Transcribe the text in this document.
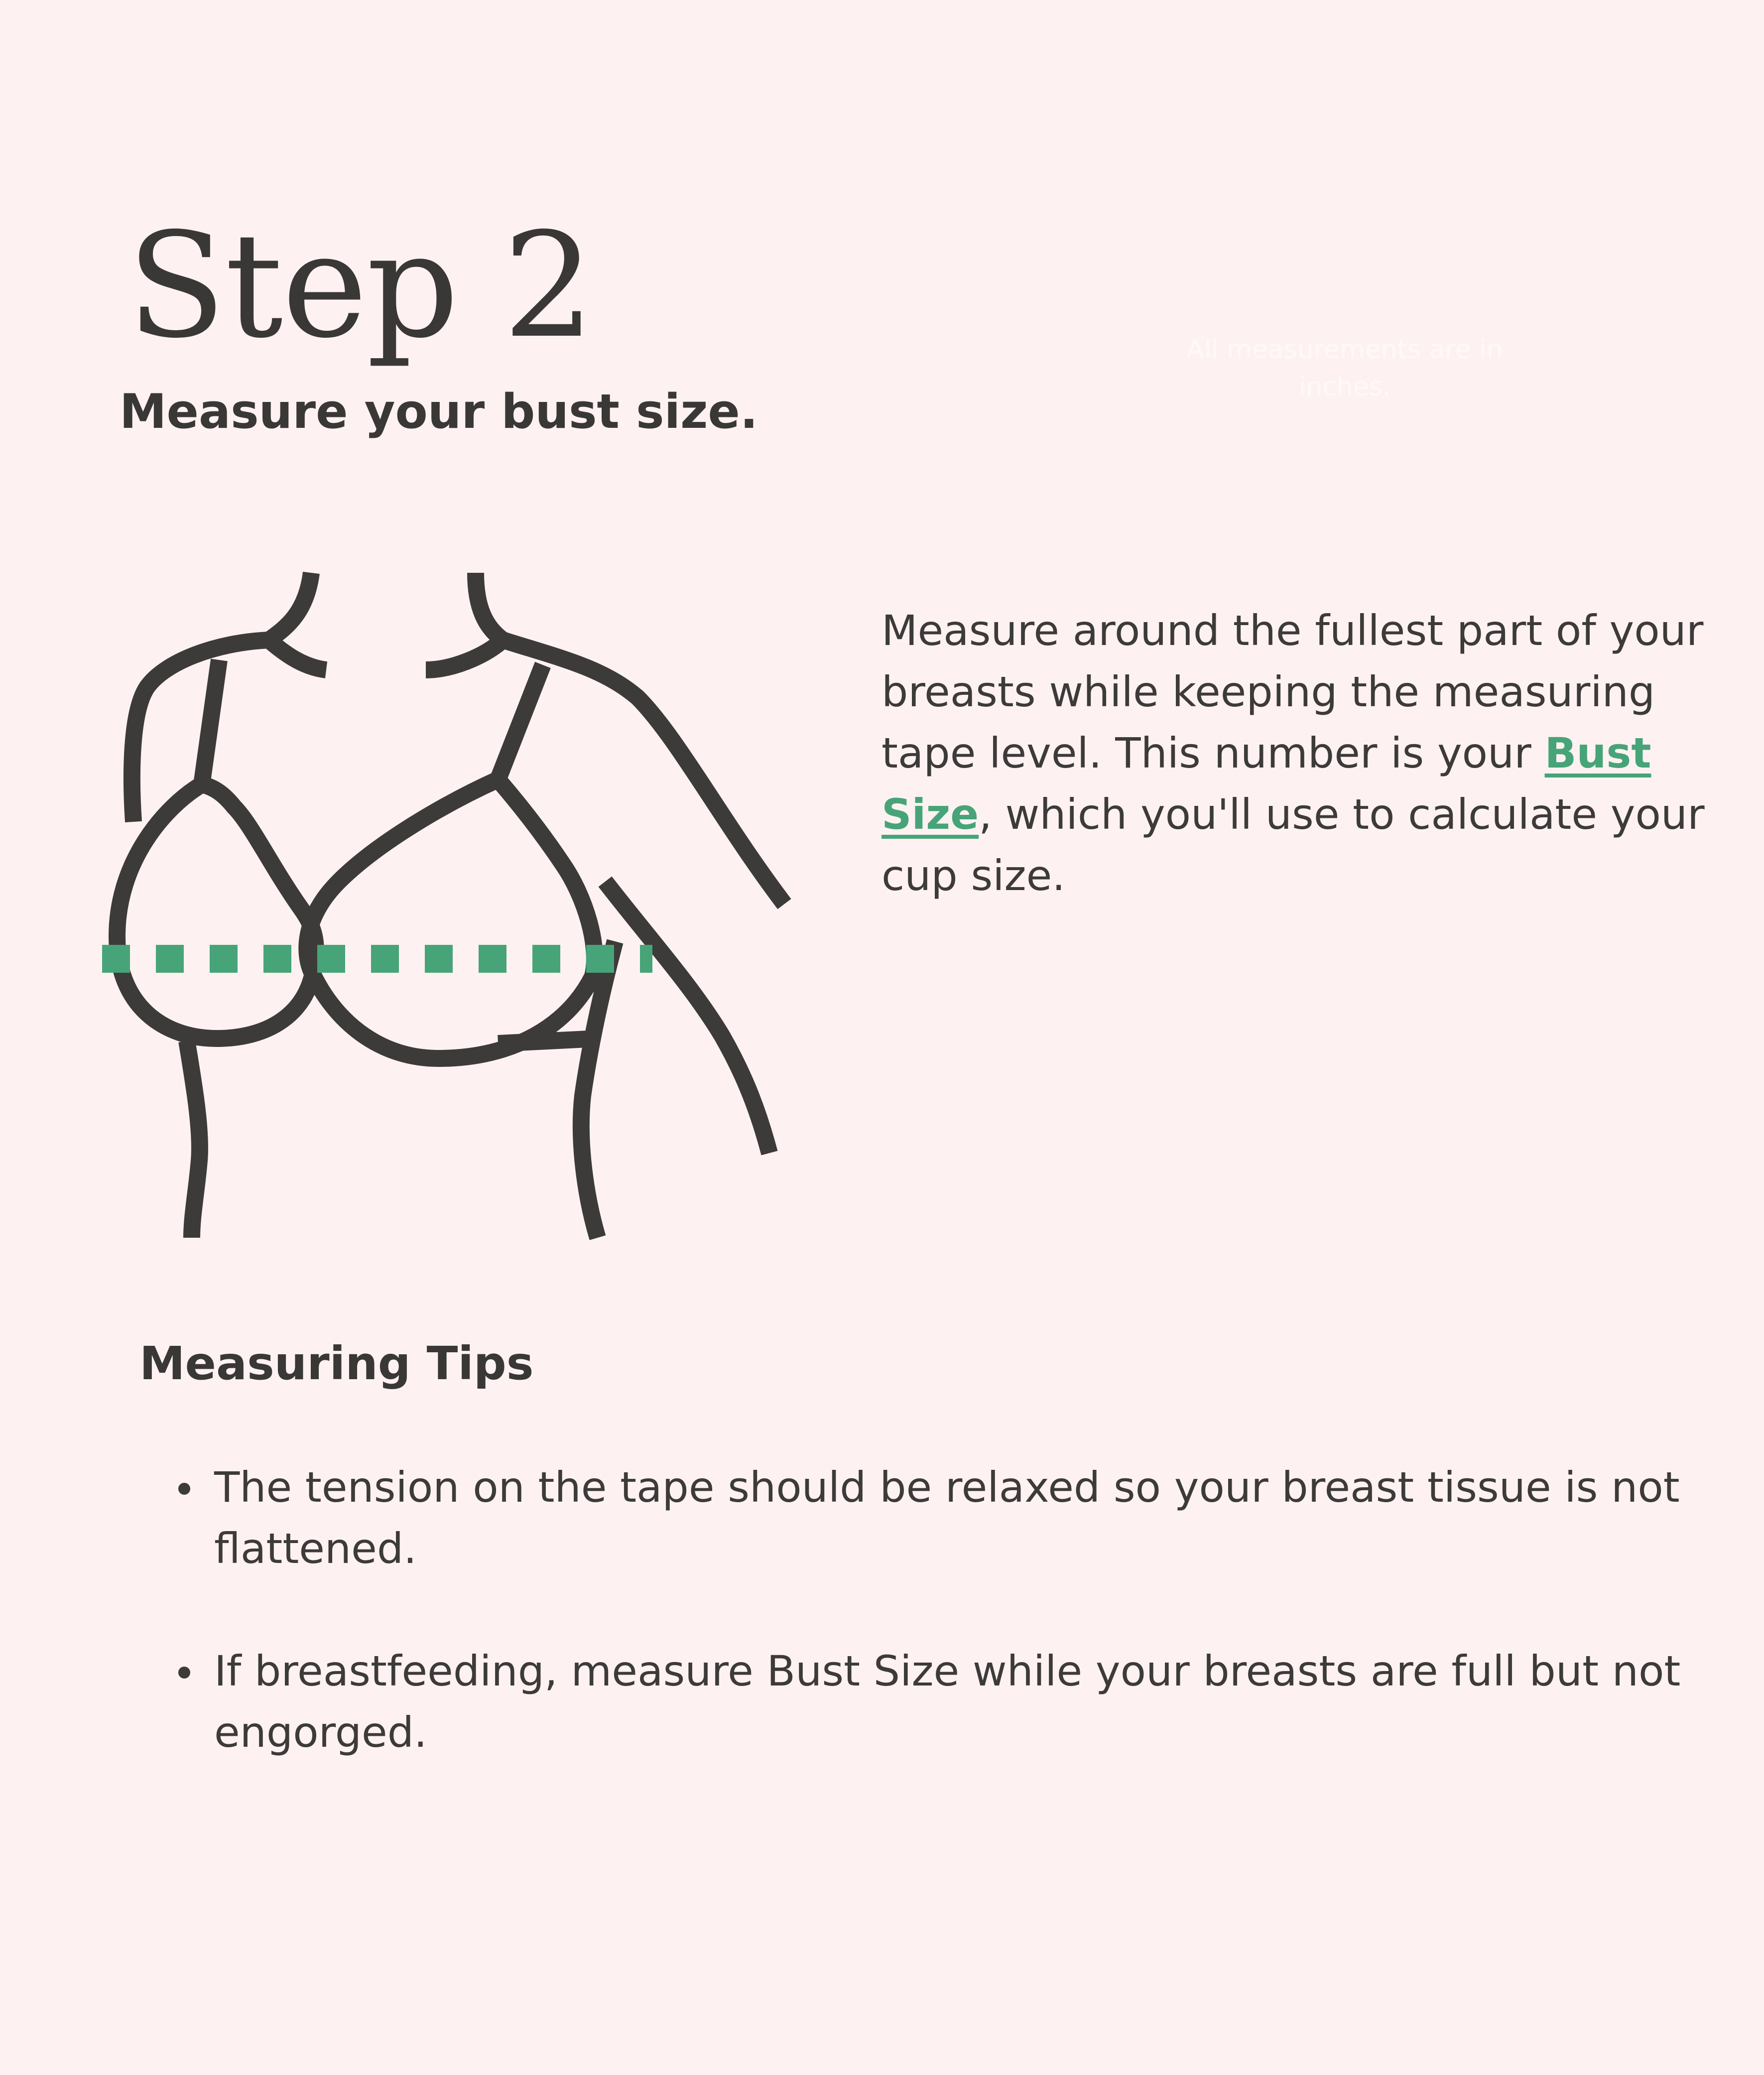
Step 2
Measure your bust size.
All measurements are in inches.

Measure around the fullest part of your breasts while keeping the measuring tape level. This number is your Bust Size, which you'll use to calculate your cup size.

Measuring Tips
The tension on the tape should be relaxed so your breast tissue is not flattened.
If breastfeeding, measure Bust Size while your breasts are full but not engorged.
